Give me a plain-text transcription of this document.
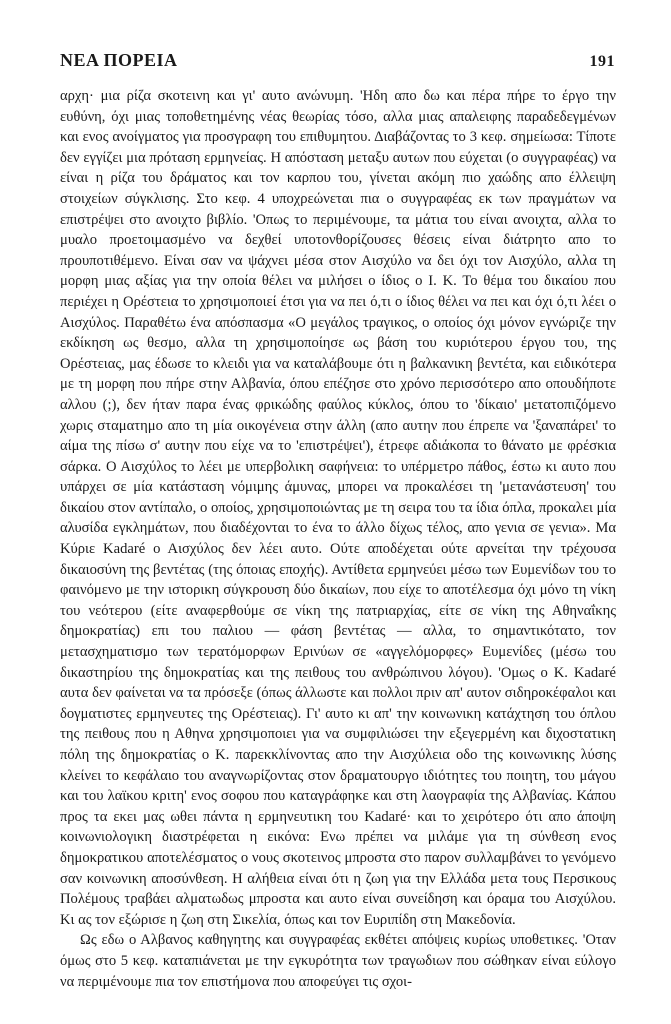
ΝΕΑ ΠΟΡΕΙΑ	191

αρχη· μια ρίζα σκοτεινη και γι' αυτο ανώνυμη. 'Ηδη απο δω και πέρα πήρε το έργο την ευθύνη, όχι μιας τοποθετημένης νέας θεωρίας τόσο, αλλα μιας απαλειφης παραδεδεγμένων και ενος ανοίγματος για προσγραφη του επιθυμητου. Διαβάζοντας το 3 κεφ. σημείωσα: Τίποτε δεν εγγίζει μια πρόταση ερμηνείας. Η απόσταση μεταξυ αυτων που εύχεται (ο συγγραφέας) να είναι η ρίζα του δράματος και τον καρπου του, γίνεται ακόμη πιο χαώδης απο έλλειψη στοιχείων σύγκλισης. Στο κεφ. 4 υποχρεώνεται πια ο συγγραφέας εκ των πραγμάτων να επιστρέψει στο ανοιχτο βιβλίο. 'Οπως το περιμένουμε, τα μάτια του είναι ανοιχτα, αλλα το μυαλο προετοιμασμένο να δεχθεί υποτονθορίζουσες θέσεις είναι διάτρητο απο το προυποτιθέμενο. Είναι σαν να ψάχνει μέσα στον Αισχύλο να δει όχι τον Αισχύλο, αλλα τη μορφη μιας αξίας για την οποία θέλει να μιλήσει ο ίδιος ο Ι. Κ. Το θέμα του δικαίου που περιέχει η Ορέστεια το χρησιμοποιεί έτσι για να πει ό,τι ο ίδιος θέλει να πει και όχι ό,τι λέει ο Αισχύλος. Παραθέτω ένα απόσπασμα «Ο μεγάλος τραγικος, ο οποίος όχι μόνον εγνώριζε την εκδίκηση ως θεσμο, αλλα τη χρησιμοποίησε ως βάση του κυριότερου έργου του, της Ορέστειας, μας έδωσε το κλειδι για να καταλάβουμε ότι η βαλκανικη βεντέτα, και ειδικότερα με τη μορφη που πήρε στην Αλβανία, όπου επέζησε στο χρόνο περισσότερο απο οπουδήποτε αλλου (;), δεν ήταν παρα ένας φρικώδης φαύλος κύκλος, όπου το 'δίκαιο' μετατοπιζόμενο χωρις σταματημο απο τη μία οικογένεια στην άλλη (απο αυτην που έπρεπε να 'ξαναπάρει' το αίμα της πίσω σ' αυτην που είχε να το 'επιστρέψει'), έτρεφε αδιάκοπα το θάνατο με φρέσκια σάρκα. Ο Αισχύλος το λέει με υπερβολικη σαφήνεια: το υπέρμετρο πάθος, έστω κι αυτο που υπάρχει σε μία κατάσταση νόμιμης άμυνας, μπορει να προκαλέσει τη 'μετανάστευση' του δικαίου στον αντίπαλο, ο οποίος, χρησιμοποιώντας με τη σειρα του τα ίδια όπλα, προκαλει μία αλυσίδα εγκλημάτων, που διαδέχονται το ένα το άλλο δίχως τέλος, απο γενια σε γενια». Μα Κύριε Kadaré ο Αισχύλος δεν λέει αυτο. Ούτε αποδέχεται ούτε αρνείται την τρέχουσα δικαιοσύνη της βεντέτας (της όποιας εποχής). Αντίθετα ερμηνεύει μέσω των Ευμενίδων του το φαινόμενο με την ιστορικη σύγκρουση δύο δικαίων, που είχε το αποτέλεσμα όχι μόνο τη νίκη του νεότερου (είτε αναφερθούμε σε νίκη της πατριαρχίας, είτε σε νίκη της Αθηναΐκης δημοκρατίας) επι του παλιου — φάση βεντέτας — αλλα, το σημαντικότατο, τον μετασχηματισμο των τερατόμορφων Ερινύων σε «αγγελόμορφες» Ευμενίδες (μέσω του δικαστηρίου της δημοκρατίας και της πειθους του ανθρώπινου λόγου). 'Ομως ο Κ. Kadaré αυτα δεν φαίνεται να τα πρόσεξε (όπως άλλωστε και πολλοι πριν απ' αυτον σιδηροκέφαλοι και δογματιστες ερμηνευτες της Ορέστειας). Γι' αυτο κι απ' την κοινωνικη κατάχτηση του όπλου της πειθους που η Αθηνα χρησιμοποιει για να συμφιλιώσει την εξεγερμένη και διχοστατικη πόλη της δημοκρατίας ο Κ. παρεκκλίνοντας απο την Αισχύλεια οδο της κοινωνικης λύσης κλείνει το κεφάλαιο του αναγνωρίζοντας στον δραματουργο ιδιότητες του ποιητη, του μάγου και του λαϊκου κριτη' ενος σοφου που καταγράφηκε και στη λαογραφία της Αλβανίας. Κάπου προς τα εκει μας ωθει πάντα η ερμηνευτικη του Kadaré· και το χειρότερο ότι απο άποψη κοινωνιολογικη διαστρέφεται η εικόνα: Ενω πρέπει να μιλάμε για τη σύνθεση ενος δημοκρατικου αποτελέσματος ο νους σκοτεινος μπροστα στο παρον συλλαμβάνει το γενόμενο σαν κοινωνικη αποσύνθεση. Η αλήθεια είναι ότι η ζωη για την Ελλάδα μετα τους Περσικους Πολέμους τραβάει αλματωδως μπροστα και αυτο είναι συνείδηση και όραμα του Αισχύλου. Κι ας τον εξώρισε η ζωη στη Σικελία, όπως και τον Ευριπίδη στη Μακεδονία.

Ως εδω ο Αλβανος καθηγητης και συγγραφέας εκθέτει απόψεις κυρίως υποθετικες. 'Οταν όμως στο 5 κεφ. καταπιάνεται με την εγκυρότητα των τραγωδιων που σώθηκαν είναι εύλογο να περιμένουμε πια τον επιστήμονα που αποφεύγει τις σχοι-
